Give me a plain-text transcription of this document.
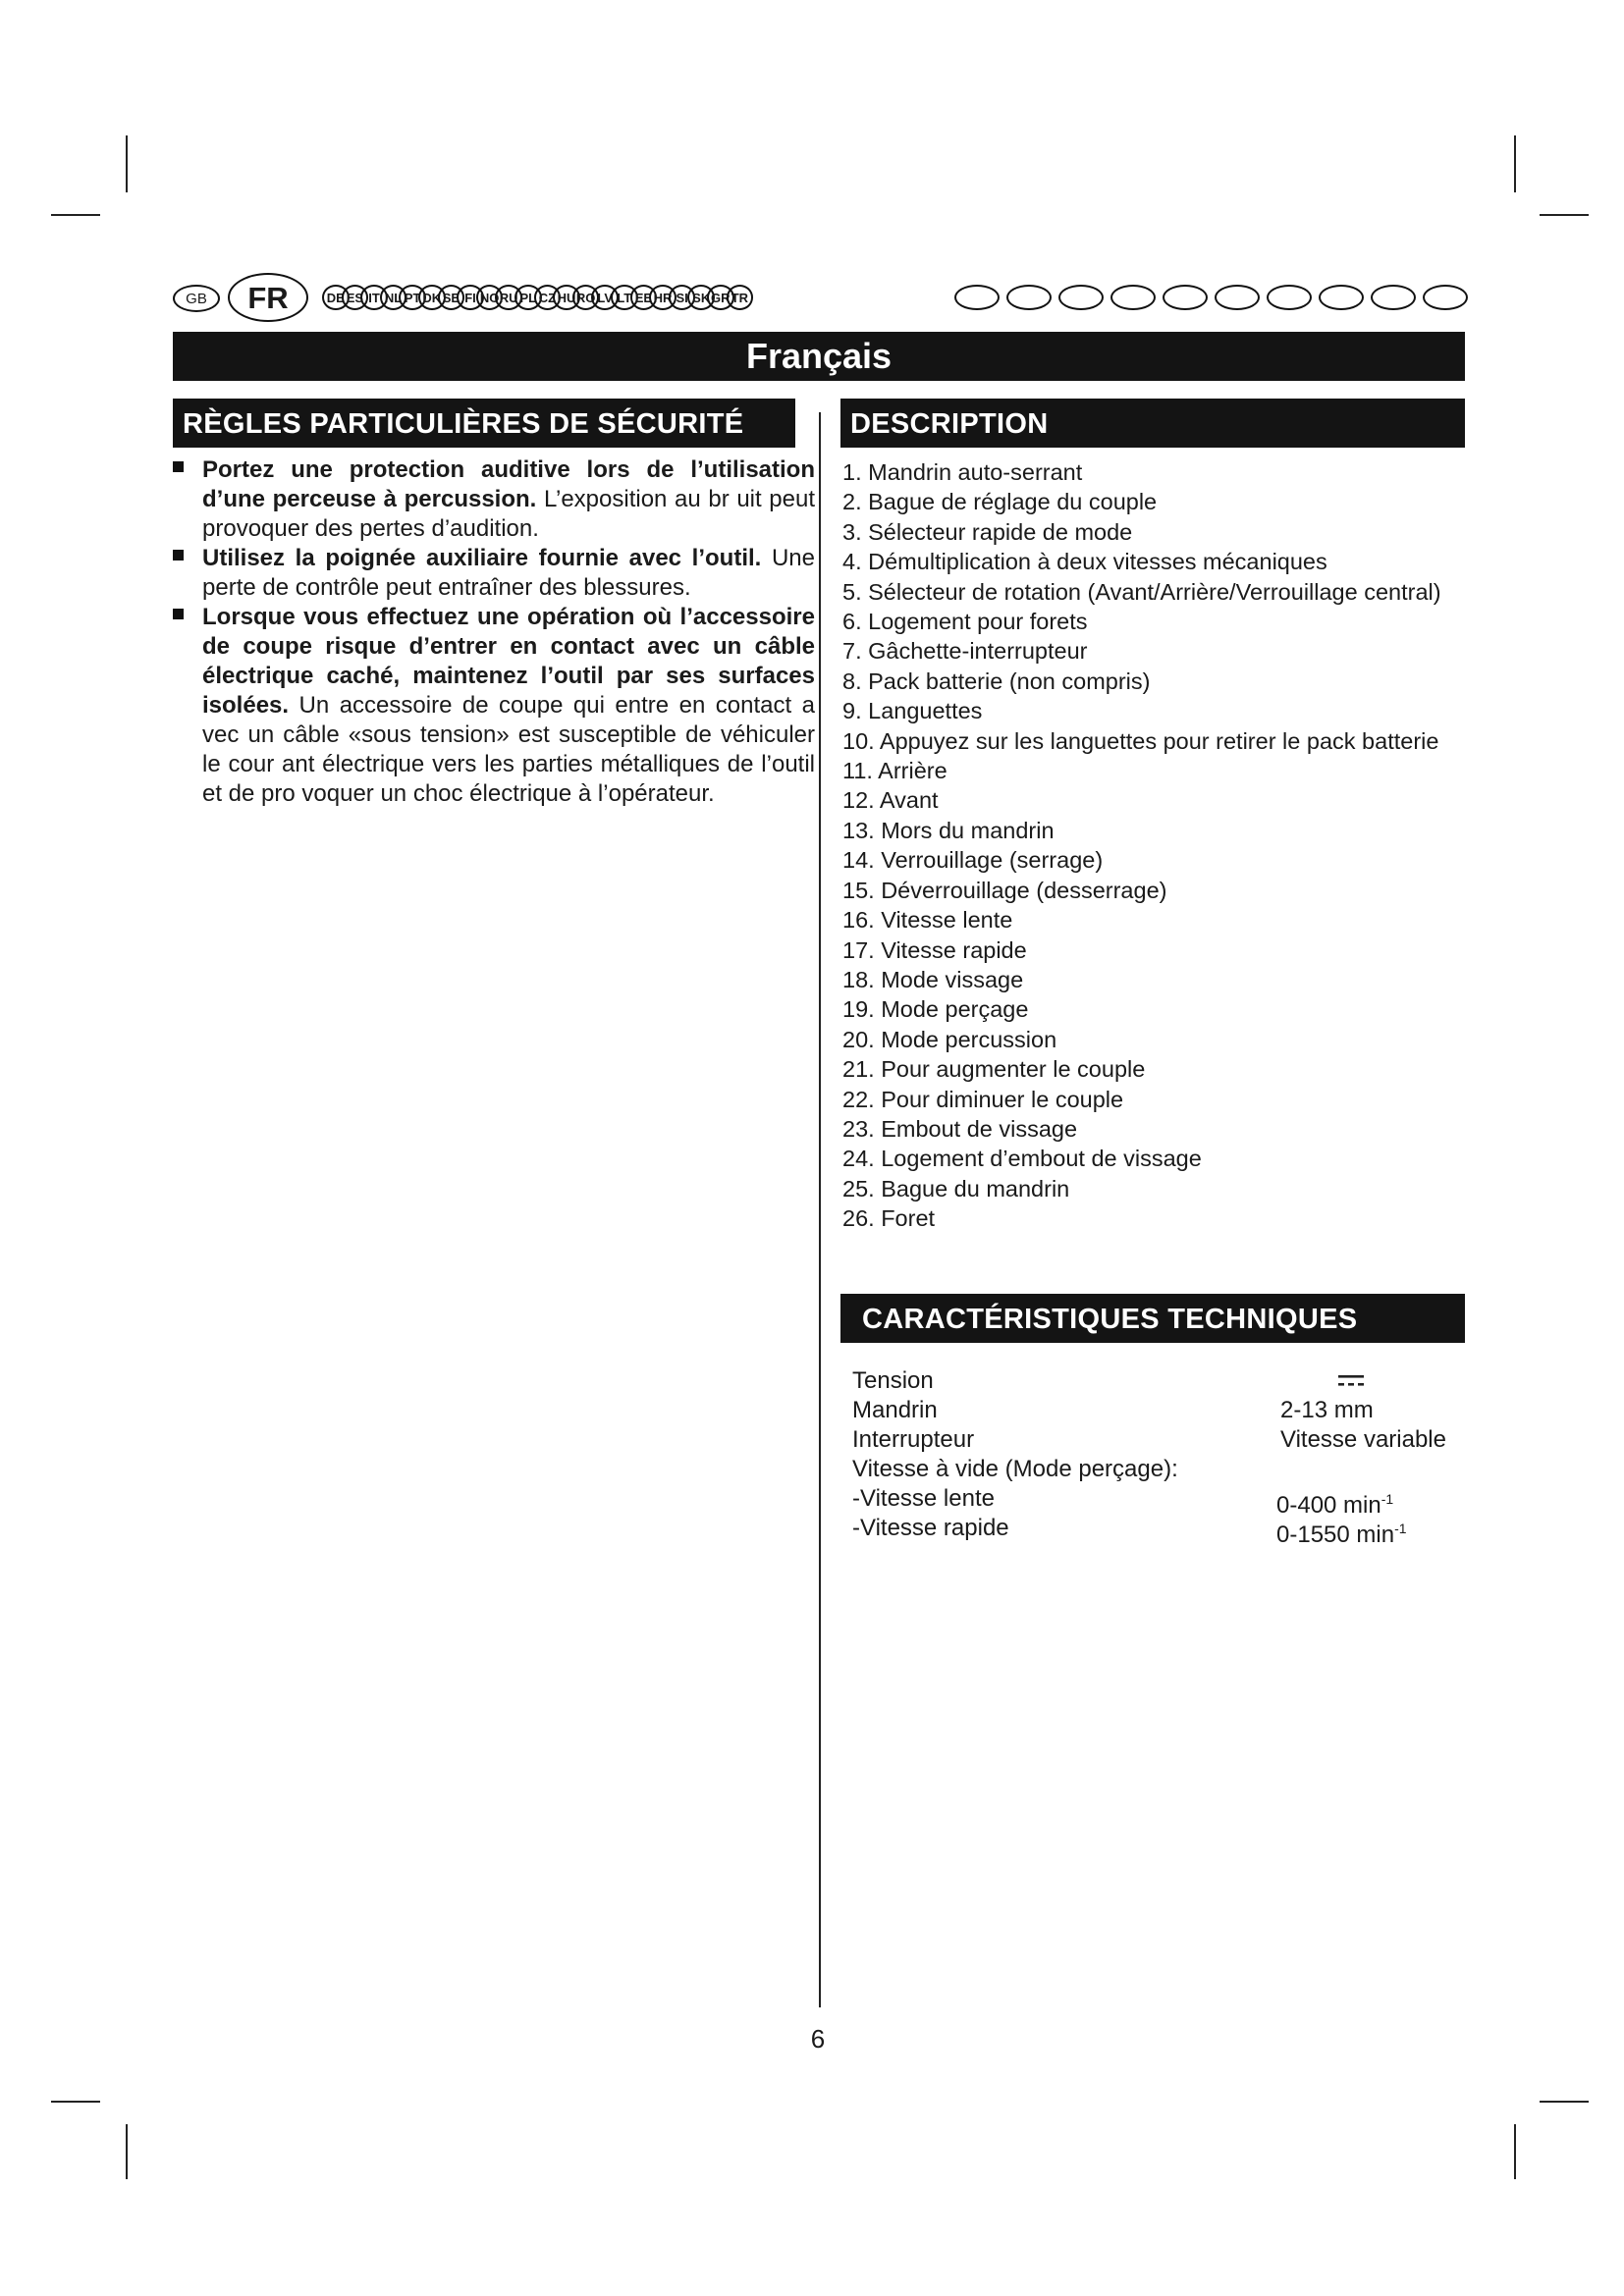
GB FR	DE ES IT NL PT DK SE FI NO RU PL CZ HU RO LV LT EE HR SI SK GR TR
Français
RÈGLES PARTICULIÈRES DE SÉCURITÉ
Portez une protection auditive lors de l’utilisation d’une perceuse à percussion. L’exposition au br uit peut provoquer des pertes d’audition.
Utilisez la poignée auxiliaire fournie avec l’outil. Une perte de contrôle peut entraîner des blessures.
Lorsque vous effectuez une opération où l’accessoire de coupe risque d’entrer en contact avec un câble électrique caché, maintenez l’outil par ses surfaces isolées. Un accessoire de coupe qui entre en contact a vec un câble «sous tension» est susceptible de véhiculer le cour ant électrique vers les parties métalliques de l’outil et de pro voquer un choc électrique à l’opérateur.
DESCRIPTION
1. Mandrin auto-serrant
2. Bague de réglage du couple
3. Sélecteur rapide de mode
4. Démultiplication à deux vitesses mécaniques
5. Sélecteur de rotation (Avant/Arrière/Verrouillage central)
6. Logement pour forets
7. Gâchette-interrupteur
8. Pack batterie (non compris)
9. Languettes
10. Appuyez sur les languettes pour retirer le pack batterie
11. Arrière
12. Avant
13. Mors du mandrin
14. Verrouillage (serrage)
15. Déverrouillage (desserrage)
16. Vitesse lente
17. Vitesse rapide
18. Mode vissage
19. Mode perçage
20. Mode percussion
21. Pour augmenter le couple
22. Pour diminuer le couple
23. Embout de vissage
24. Logement d’embout de vissage
25. Bague du mandrin
26. Foret
CARACTÉRISTIQUES TECHNIQUES
Tension
Mandrin	2-13 mm
Interrupteur	Vitesse variable
Vitesse à vide (Mode perçage):
-Vitesse lente	0-400 $\min^{-1}$
-Vitesse rapide	0-1550 $\min^{-1}$
6
